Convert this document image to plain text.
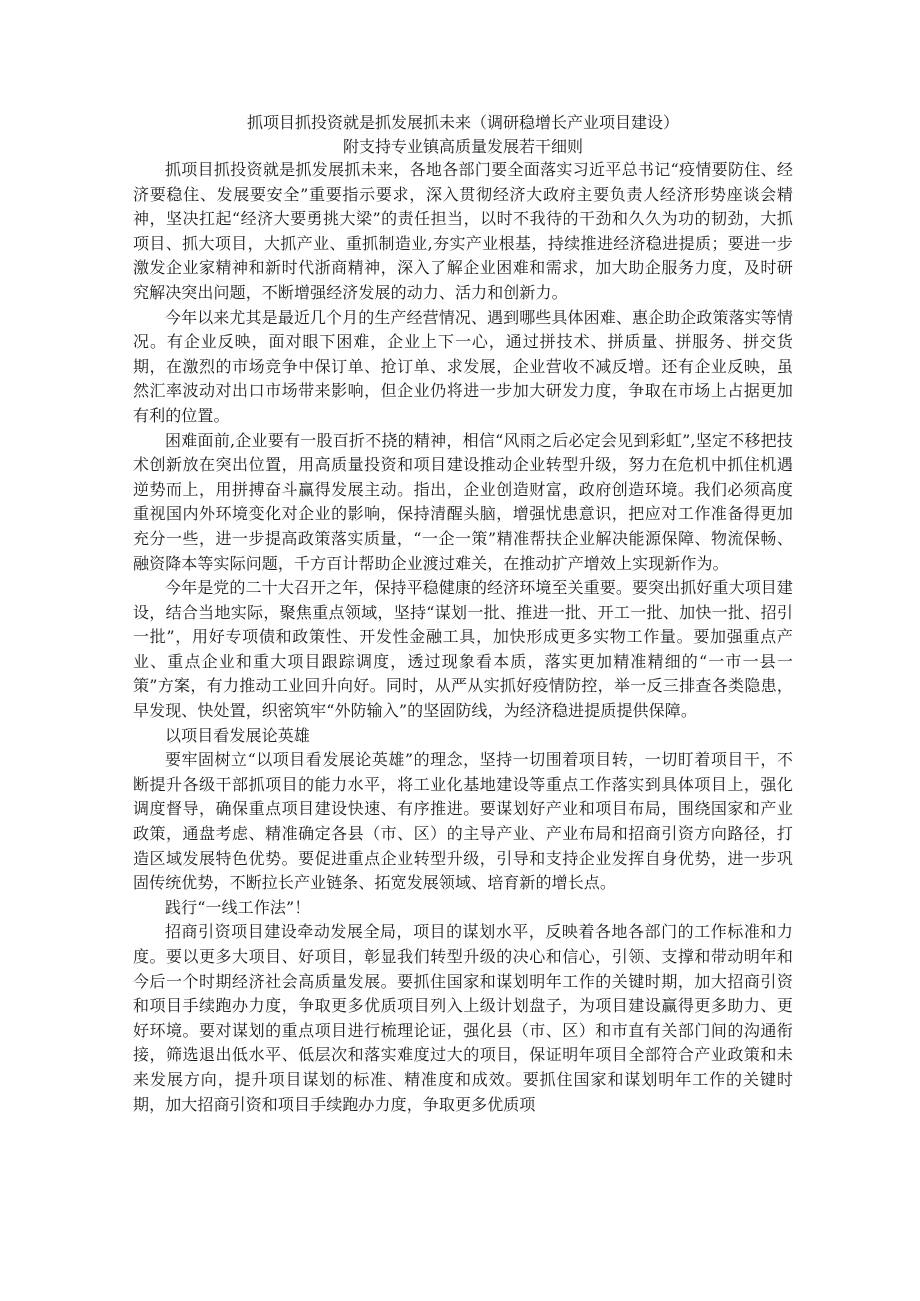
抓项目抓投资就是抓发展抓未来（调研稳增长产业项目建设）
附支持专业镇高质量发展若干细则

抓项目抓投资就是抓发展抓未来，各地各部门要全面落实习近平总书记“疫情要防住、经济要稳住、发展要安全”重要指示要求，深入贯彻经济大政府主要负责人经济形势座谈会精神，坚决扛起“经济大要勇挑大梁”的责任担当，以时不我待的干劲和久久为功的韧劲，大抓项目、抓大项目，大抓产业、重抓制造业,夯实产业根基，持续推进经济稳进提质；要进一步激发企业家精神和新时代浙商精神，深入了解企业困难和需求，加大助企服务力度，及时研究解决突出问题，不断增强经济发展的动力、活力和创新力。

今年以来尤其是最近几个月的生产经营情况、遇到哪些具体困难、惠企助企政策落实等情况。有企业反映，面对眼下困难，企业上下一心，通过拼技术、拼质量、拼服务、拼交货期，在激烈的市场竞争中保订单、抢订单、求发展，企业营收不减反增。还有企业反映，虽然汇率波动对出口市场带来影响，但企业仍将进一步加大研发力度，争取在市场上占据更加有利的位置。

困难面前,企业要有一股百折不挠的精神，相信“风雨之后必定会见到彩虹”,坚定不移把技术创新放在突出位置，用高质量投资和项目建设推动企业转型升级，努力在危机中抓住机遇逆势而上，用拼搏奋斗赢得发展主动。指出，企业创造财富，政府创造环境。我们必须高度重视国内外环境变化对企业的影响，保持清醒头脑，增强忧患意识，把应对工作准备得更加充分一些，进一步提高政策落实质量，“一企一策”精准帮扶企业解决能源保障、物流保畅、融资降本等实际问题，千方百计帮助企业渡过难关，在推动扩产增效上实现新作为。

今年是党的二十大召开之年，保持平稳健康的经济环境至关重要。要突出抓好重大项目建设，结合当地实际，聚焦重点领域，坚持“谋划一批、推进一批、开工一批、加快一批、招引一批”，用好专项债和政策性、开发性金融工具，加快形成更多实物工作量。要加强重点产业、重点企业和重大项目跟踪调度，透过现象看本质，落实更加精准精细的“一市一县一策”方案，有力推动工业回升向好。同时，从严从实抓好疫情防控，举一反三排查各类隐患，早发现、快处置，织密筑牢“外防输入”的坚固防线，为经济稳进提质提供保障。

以项目看发展论英雄

要牢固树立“以项目看发展论英雄”的理念，坚持一切围着项目转，一切盯着项目干，不断提升各级干部抓项目的能力水平，将工业化基地建设等重点工作落实到具体项目上，强化调度督导，确保重点项目建设快速、有序推进。要谋划好产业和项目布局，围绕国家和产业政策，通盘考虑、精准确定各县（市、区）的主导产业、产业布局和招商引资方向路径，打造区域发展特色优势。要促进重点企业转型升级，引导和支持企业发挥自身优势，进一步巩固传统优势，不断拉长产业链条、拓宽发展领域、培育新的增长点。

践行“一线工作法”！

招商引资项目建设牵动发展全局，项目的谋划水平，反映着各地各部门的工作标准和力度。要以更多大项目、好项目，彰显我们转型升级的决心和信心，引领、支撑和带动明年和今后一个时期经济社会高质量发展。要抓住国家和谋划明年工作的关键时期，加大招商引资和项目手续跑办力度，争取更多优质项目列入上级计划盘子，为项目建设赢得更多助力、更好环境。要对谋划的重点项目进行梳理论证，强化县（市、区）和市直有关部门间的沟通衔接，筛选退出低水平、低层次和落实难度过大的项目，保证明年项目全部符合产业政策和未来发展方向，提升项目谋划的标准、精准度和成效。要抓住国家和谋划明年工作的关键时期，加大招商引资和项目手续跑办力度，争取更多优质项
